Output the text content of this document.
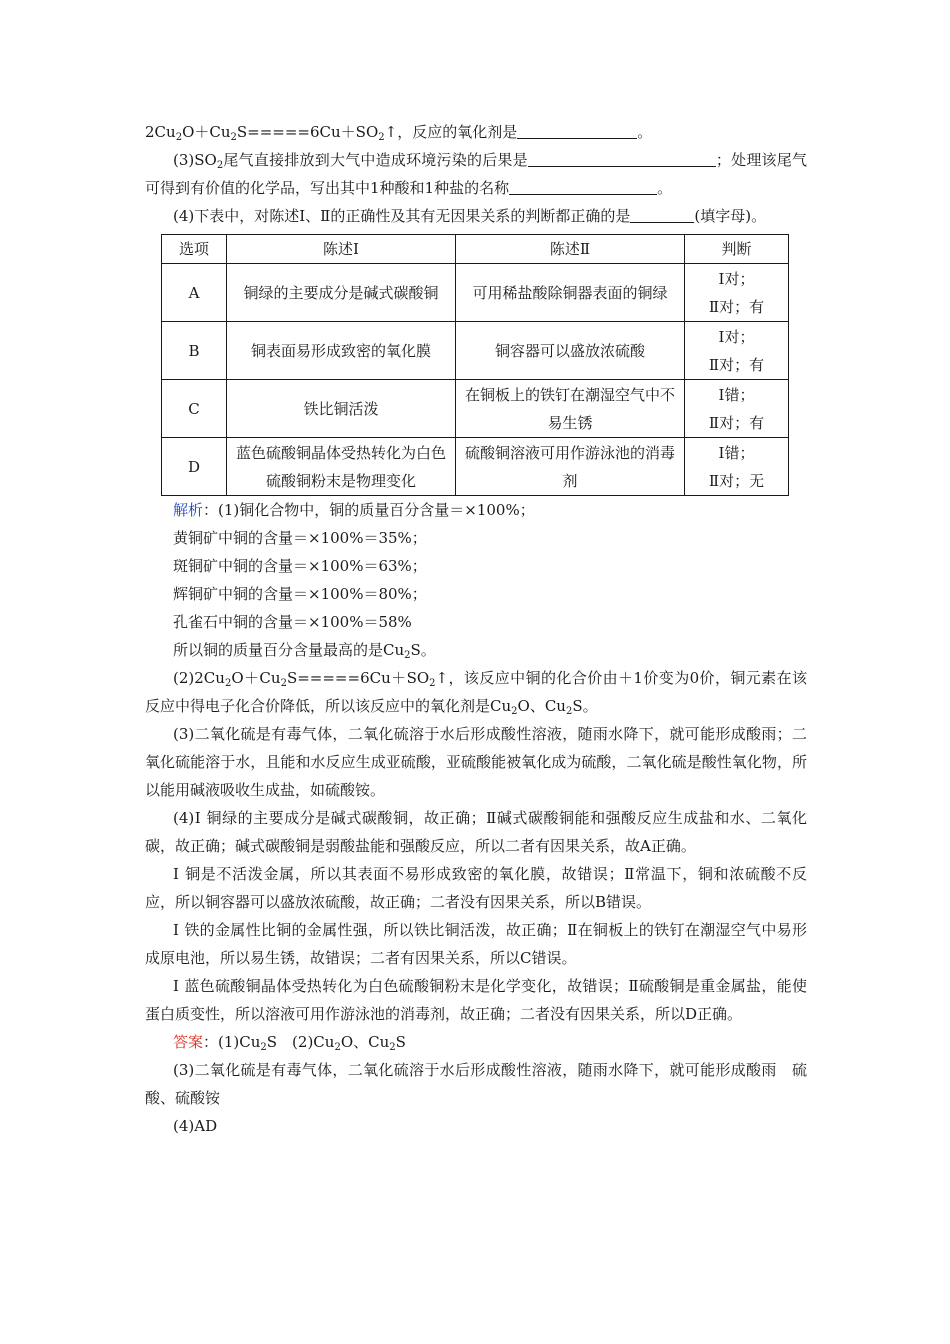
$2Cu_2O+Cu_2S=====6Cu+SO_2↑$，反应的氧化剂是	。

$(3)SO_2$尾气直接排放到大气中造成环境污染的后果是	；处理该尾气可得到有价值的化学品，写出其中1种酸和1种盐的名称	。

(4)下表中，对陈述Ⅰ、Ⅱ的正确性及其有无因果关系的判断都正确的是	(填字母)。

选项	陈述Ⅰ	陈述Ⅱ	判断
A	铜绿的主要成分是碱式碳酸铜	可用稀盐酸除铜器表面的铜绿	Ⅰ对；
Ⅱ对；有

B	铜表面易形成致密的氧化膜	铜容器可以盛放浓硫酸	Ⅰ对；
Ⅱ对；有

C	铁比铜活泼	在铜板上的铁钉在潮湿空气中不易生锈	Ⅰ错；
Ⅱ对；有

D	蓝色硫酸铜晶体受热转化为白色硫酸铜粉末是物理变化	硫酸铜溶液可用作游泳池的消毒剂	Ⅰ错；
Ⅱ对；无

解析：(1)铜化合物中，铜的质量百分含量＝×100%；

黄铜矿中铜的含量＝×100%＝35%；

斑铜矿中铜的含量＝×100%＝63%；

辉铜矿中铜的含量＝×100%＝80%；

孔雀石中铜的含量＝×100%＝58%

所以铜的质量百分含量最高的是$Cu_2S$。

$(2)2Cu_2O+Cu_2S=====6Cu+SO_2↑$，该反应中铜的化合价由＋1价变为0价，铜元素在该反应中得电子化合价降低，所以该反应中的氧化剂是$Cu_2O$、$Cu_2S$。

(3)二氧化硫是有毒气体，二氧化硫溶于水后形成酸性溶液，随雨水降下，就可能形成酸雨；二氧化硫能溶于水，且能和水反应生成亚硫酸，亚硫酸能被氧化成为硫酸，二氧化硫是酸性氧化物，所以能用碱液吸收生成盐，如硫酸铵。

(4)Ⅰ 铜绿的主要成分是碱式碳酸铜，故正确；Ⅱ碱式碳酸铜能和强酸反应生成盐和水、二氧化碳，故正确；碱式碳酸铜是弱酸盐能和强酸反应，所以二者有因果关系，故A正确。

Ⅰ 铜是不活泼金属，所以其表面不易形成致密的氧化膜，故错误；Ⅱ常温下，铜和浓硫酸不反应，所以铜容器可以盛放浓硫酸，故正确；二者没有因果关系，所以B错误。

Ⅰ 铁的金属性比铜的金属性强，所以铁比铜活泼，故正确；Ⅱ在铜板上的铁钉在潮湿空气中易形成原电池，所以易生锈，故错误；二者有因果关系，所以C错误。

Ⅰ 蓝色硫酸铜晶体受热转化为白色硫酸铜粉末是化学变化，故错误；Ⅱ硫酸铜是重金属盐，能使蛋白质变性，所以溶液可用作游泳池的消毒剂，故正确；二者没有因果关系，所以D正确。

答案：$(1)Cu_2S$　$(2)Cu_2O$、$Cu_2S$

(3)二氧化硫是有毒气体，二氧化硫溶于水后形成酸性溶液，随雨水降下，就可能形成酸雨　硫酸、硫酸铵

(4)AD
